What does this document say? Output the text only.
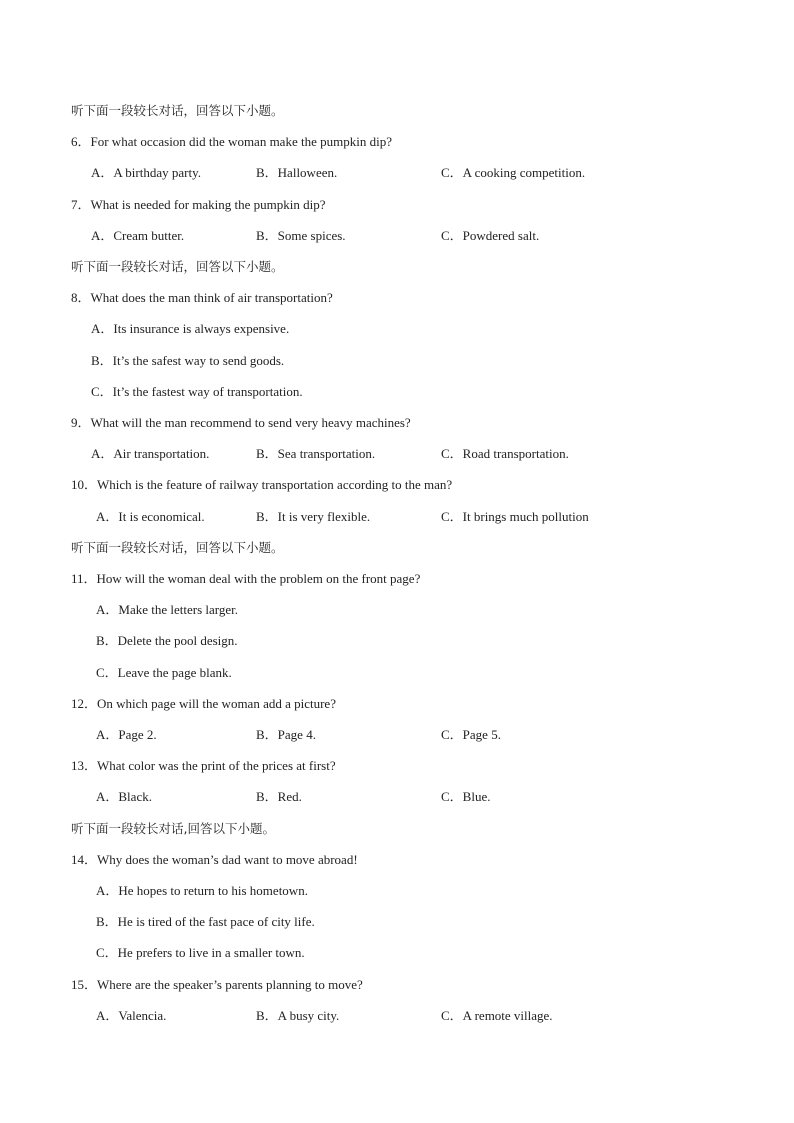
听下面一段较长对话，回答以下小题。
6．For what occasion did the woman make the pumpkin dip?
A．A birthday party.	B．Halloween.	C．A cooking competition.
7．What is needed for making the pumpkin dip?
A．Cream butter.	B．Some spices.	C．Powdered salt.
听下面一段较长对话，回答以下小题。
8．What does the man think of air transportation?
A．Its insurance is always expensive.
B．It’s the safest way to send goods.
C．It’s the fastest way of transportation.
9．What will the man recommend to send very heavy machines?
A．Air transportation.	B．Sea transportation.	C．Road transportation.
10．Which is the feature of railway transportation according to the man?
A．It is economical.	B．It is very flexible.	C．It brings much pollution
听下面一段较长对话，回答以下小题。
11．How will the woman deal with the problem on the front page?
A．Make the letters larger.
B．Delete the pool design.
C．Leave the page blank.
12．On which page will the woman add a picture?
A．Page 2.	B．Page 4.	C．Page 5.
13．What color was the print of the prices at first?
A．Black.	B．Red.	C．Blue.
听下面一段较长对话,回答以下小题。
14．Why does the woman’s dad want to move abroad!
A．He hopes to return to his hometown.
B．He is tired of the fast pace of city life.
C．He prefers to live in a smaller town.
15．Where are the speaker’s parents planning to move?
A．Valencia.	B．A busy city.	C．A remote village.
